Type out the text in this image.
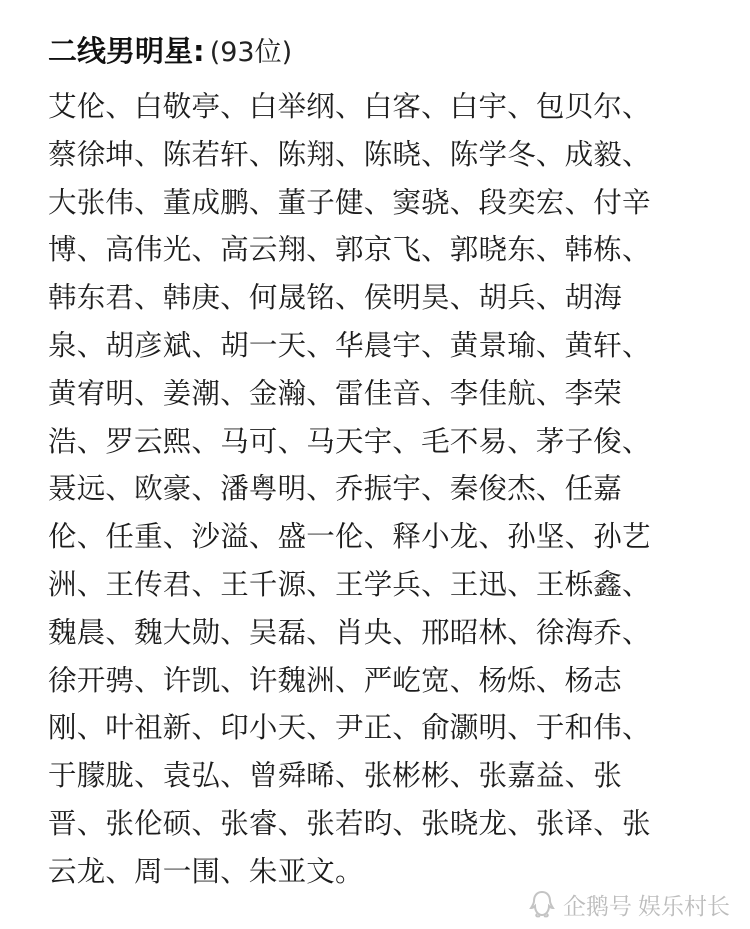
二线男明星: (93位)
艾伦、白敬亭、白举纲、白客、白宇、包贝尔、
蔡徐坤、陈若轩、陈翔、陈晓、陈学冬、成毅、
大张伟、董成鹏、董子健、窦骁、段奕宏、付辛
博、高伟光、高云翔、郭京飞、郭晓东、韩栋、
韩东君、韩庚、何晟铭、侯明昊、胡兵、胡海
泉、胡彦斌、胡一天、华晨宇、黄景瑜、黄轩、
黄宥明、姜潮、金瀚、雷佳音、李佳航、李荣
浩、罗云熙、马可、马天宇、毛不易、茅子俊、
聂远、欧豪、潘粤明、乔振宇、秦俊杰、任嘉
伦、任重、沙溢、盛一伦、释小龙、孙坚、孙艺
洲、王传君、王千源、王学兵、王迅、王栎鑫、
魏晨、魏大勋、吴磊、肖央、邢昭林、徐海乔、
徐开骋、许凯、许魏洲、严屹宽、杨烁、杨志
刚、叶祖新、印小天、尹正、俞灏明、于和伟、
于朦胧、袁弘、曾舜晞、张彬彬、张嘉益、张
晋、张伦硕、张睿、张若昀、张晓龙、张译、张
云龙、周一围、朱亚文。
企鹅号 娱乐村长
